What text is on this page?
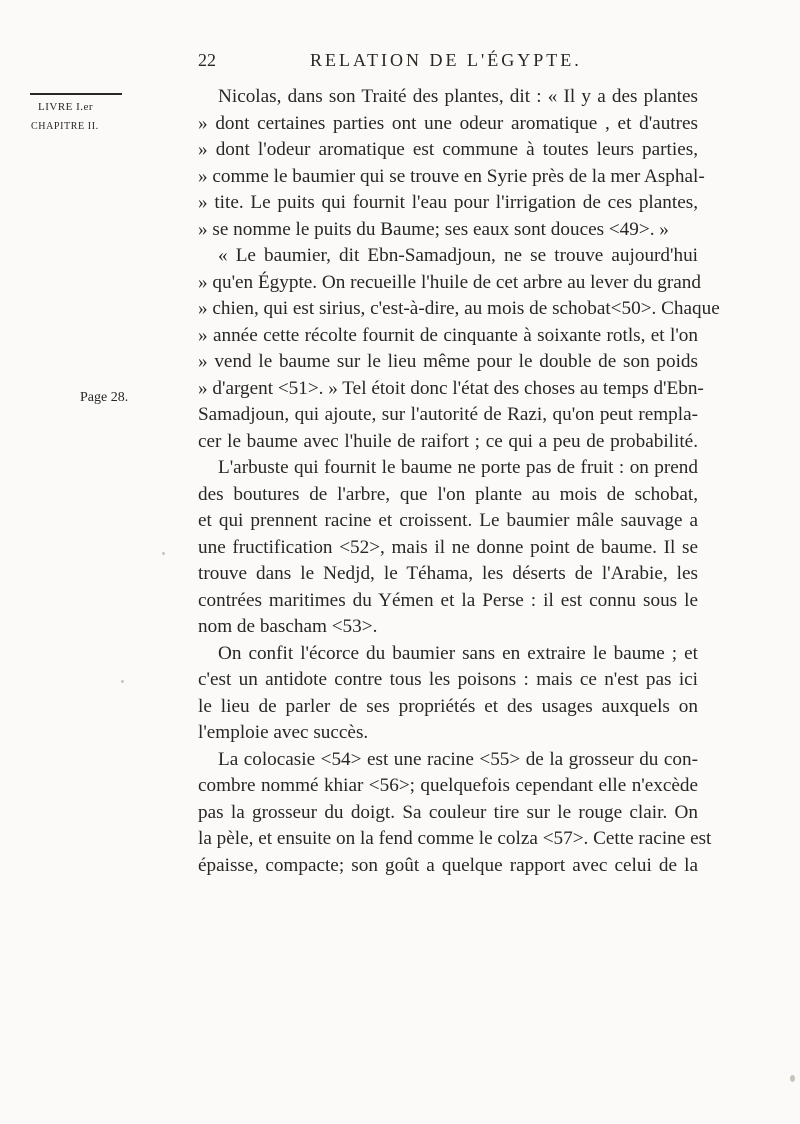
22	RELATION DE L'ÉGYPTE.
LIVRE I.er
CHAPITRE II.
Page 28.
Nicolas, dans son Traité des plantes, dit : « Il y a des plantes
» dont certaines parties ont une odeur aromatique , et d'autres
» dont l'odeur aromatique est commune à toutes leurs parties,
» comme le baumier qui se trouve en Syrie près de la mer Asphal-
» tite. Le puits qui fournit l'eau pour l'irrigation de ces plantes,
» se nomme le puits du Baume; ses eaux sont douces <49>. »
« Le baumier, dit Ebn-Samadjoun, ne se trouve aujourd'hui
» qu'en Égypte. On recueille l'huile de cet arbre au lever du grand
» chien, qui est sirius, c'est-à-dire, au mois de schobat<50>. Chaque
» année cette récolte fournit de cinquante à soixante rotls, et l'on
» vend le baume sur le lieu même pour le double de son poids
» d'argent <51>. » Tel étoit donc l'état des choses au temps d'Ebn-
Samadjoun, qui ajoute, sur l'autorité de Razi, qu'on peut rempla-
cer le baume avec l'huile de raifort ; ce qui a peu de probabilité.
L'arbuste qui fournit le baume ne porte pas de fruit : on prend
des boutures de l'arbre, que l'on plante au mois de schobat,
et qui prennent racine et croissent. Le baumier mâle sauvage a
une fructification <52>, mais il ne donne point de baume. Il se
trouve dans le Nedjd, le Téhama, les déserts de l'Arabie, les
contrées maritimes du Yémen et la Perse : il est connu sous le
nom de bascham <53>.
On confit l'écorce du baumier sans en extraire le baume ; et
c'est un antidote contre tous les poisons : mais ce n'est pas ici
le lieu de parler de ses propriétés et des usages auxquels on
l'emploie avec succès.
La colocasie <54> est une racine <55> de la grosseur du con-
combre nommé khiar <56>; quelquefois cependant elle n'excède
pas la grosseur du doigt. Sa couleur tire sur le rouge clair. On
la pèle, et ensuite on la fend comme le colza <57>. Cette racine est
épaisse, compacte; son goût a quelque rapport avec celui de la
